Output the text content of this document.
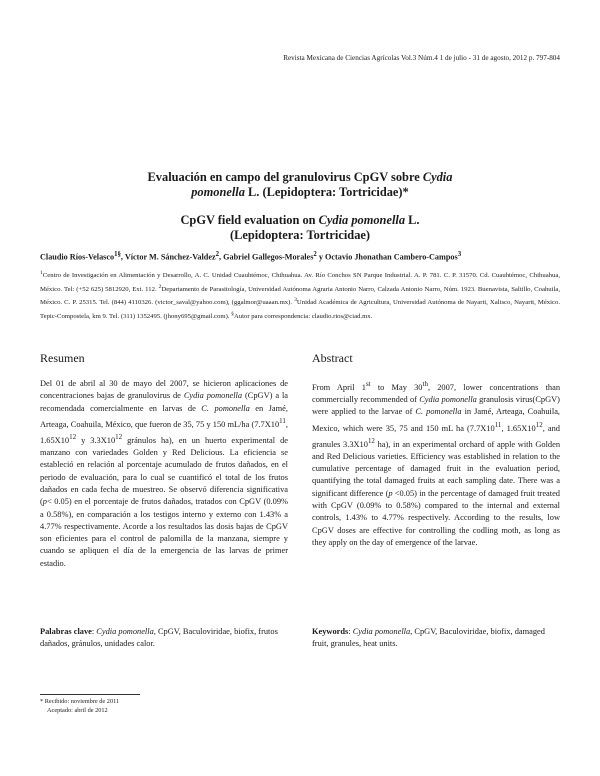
Revista Mexicana de Ciencias Agrícolas Vol.3 Núm.4 1 de julio - 31 de agosto, 2012 p. 797-804
Evaluación en campo del granulovirus CpGV sobre Cydia
pomonella L. (Lepidoptera: Tortricidae)*
CpGV field evaluation on Cydia pomonella L.
(Lepidoptera: Tortricidae)
Claudio Ríos-Velasco$^{1\S}$, Víctor M. Sánchez-Valdez$^2$, Gabriel Gallegos-Morales$^2$ y Octavio Jhonathan Cambero-Campos$^3$
$^1$Centro de Investigación en Alimentación y Desarrollo, A. C. Unidad Cuauhtémoc, Chihuahua. Av. Río Conchos SN Parque Industrial. A. P. 781. C. P. 31570. Cd. Cuauhtémoc, Chihuahua, México. Tel: (+52 625) 5812920, Ext. 112. $^2$Departamento de Parasitología, Universidad Autónoma Agraria Antonio Narro, Calzada Antonio Narro, Núm. 1923. Buenavista, Saltillo, Coahuila, México. C. P. 25315. Tel. (844) 4110326. (victor_saval@yahoo.com), (ggalmor@uaaan.mx). $^3$Unidad Académica de Agricultura, Universidad Autónoma de Nayarit, Xalisco, Nayarit, México. Tepic-Compostela, km 9. Tel. (311) 1352495. (jhony695@gmail.com). §Autor para correspondencia: claudio.rios@ciad.mx.
Resumen	Abstract
Del 01 de abril al 30 de mayo del 2007, se hicieron aplicaciones de concentraciones bajas de granulovirus de Cydia pomonella (CpGV) a la recomendada comercialmente en larvas de C. pomonella en Jamé, Arteaga, Coahuila, México, que fueron de 35, 75 y 150 mL/ha ($7.7X10^{11}$, $1.65X10^{12}$ y $3.3X10^{12}$ gránulos ha), en un huerto experimental de manzano con variedades Golden y Red Delicious. La eficiencia se estableció en relación al porcentaje acumulado de frutos dañados, en el periodo de evaluación, para lo cual se cuantificó el total de los frutos dañados en cada fecha de muestreo. Se observó diferencia significativa (p< 0.05) en el porcentaje de frutos dañados, tratados con CpGV (0.09% a 0.58%), en comparación a los testigos interno y externo con 1.43% a 4.77% respectivamente. Acorde a los resultados las dosis bajas de CpGV son eficientes para el control de palomilla de la manzana, siempre y cuando se apliquen el día de la emergencia de las larvas de primer estadio.
From April 1st to May 30th, 2007, lower concentrations than commercially recommended of Cydia pomonella granulosis virus(CpGV) were applied to the larvae of C. pomonella in Jamé, Arteaga, Coahuila, Mexico, which were 35, 75 and 150 mL ha ($7.7X10^{11}$, $1.65X10^{12}$, and granules $3.3X10^{12}$ ha), in an experimental orchard of apple with Golden and Red Delicious varieties. Efficiency was established in relation to the cumulative percentage of damaged fruit in the evaluation period, quantifying the total damaged fruits at each sampling date. There was a significant difference (p <0.05) in the percentage of damaged fruit treated with CpGV (0.09% to 0.58%) compared to the internal and external controls, 1.43% to 4.77% respectively. According to the results, low CpGV doses are effective for controlling the codling moth, as long as they apply on the day of emergence of the larvae.
Palabras clave: Cydia pomonella, CpGV, Baculoviridae, biofix, frutos dañados, gránulos, unidades calor.
Keywords: Cydia pomonella, CpGV, Baculoviridae, biofix, damaged fruit, granules, heat units.
* Recibido: noviembre de 2011
Aceptado: abril de 2012
